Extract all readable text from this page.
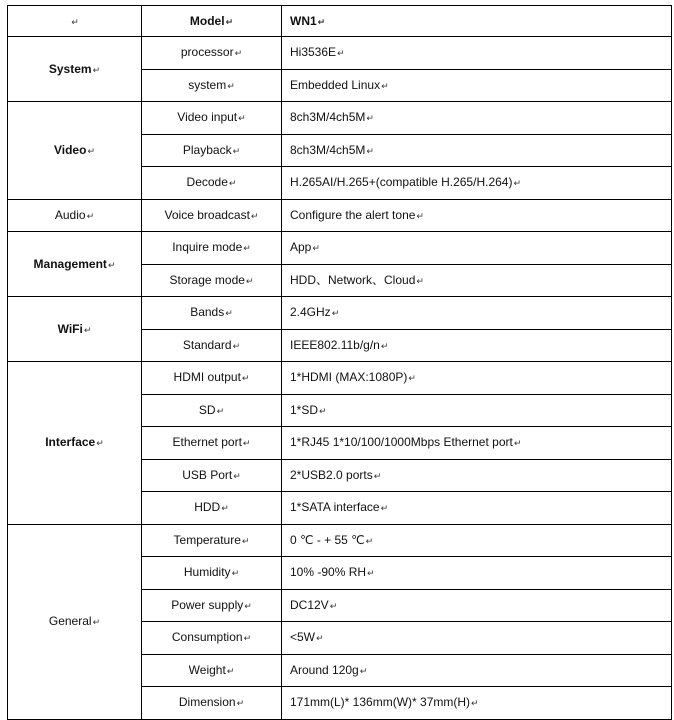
↵	Model↵	WN1↵
System↵	processor↵	Hi3536E↵
	system↵	Embedded Linux↵
Video↵	Video input↵	8ch3M/4ch5M↵
	Playback↵	8ch3M/4ch5M↵
	Decode↵	H.265AI/H.265+(compatible H.265/H.264)↵
Audio↵	Voice broadcast↵	Configure the alert tone↵
Management↵	Inquire mode↵	App↵
	Storage mode↵	HDD、Network、Cloud↵
WiFi↵	Bands↵	2.4GHz↵
	Standard↵	IEEE802.11b/g/n↵
Interface↵	HDMI output↵	1*HDMI (MAX:1080P)↵
	SD↵	1*SD↵
	Ethernet port↵	1*RJ45 1*10/100/1000Mbps Ethernet port↵
	USB Port↵	2*USB2.0 ports↵
	HDD↵	1*SATA interface↵
General↵	Temperature↵	0 ℃ - + 55 ℃↵
	Humidity↵	10% -90% RH↵
	Power supply↵	DC12V↵
	Consumption↵	<5W↵
	Weight↵	Around 120g↵
	Dimension↵	171mm(L)* 136mm(W)* 37mm(H)↵
